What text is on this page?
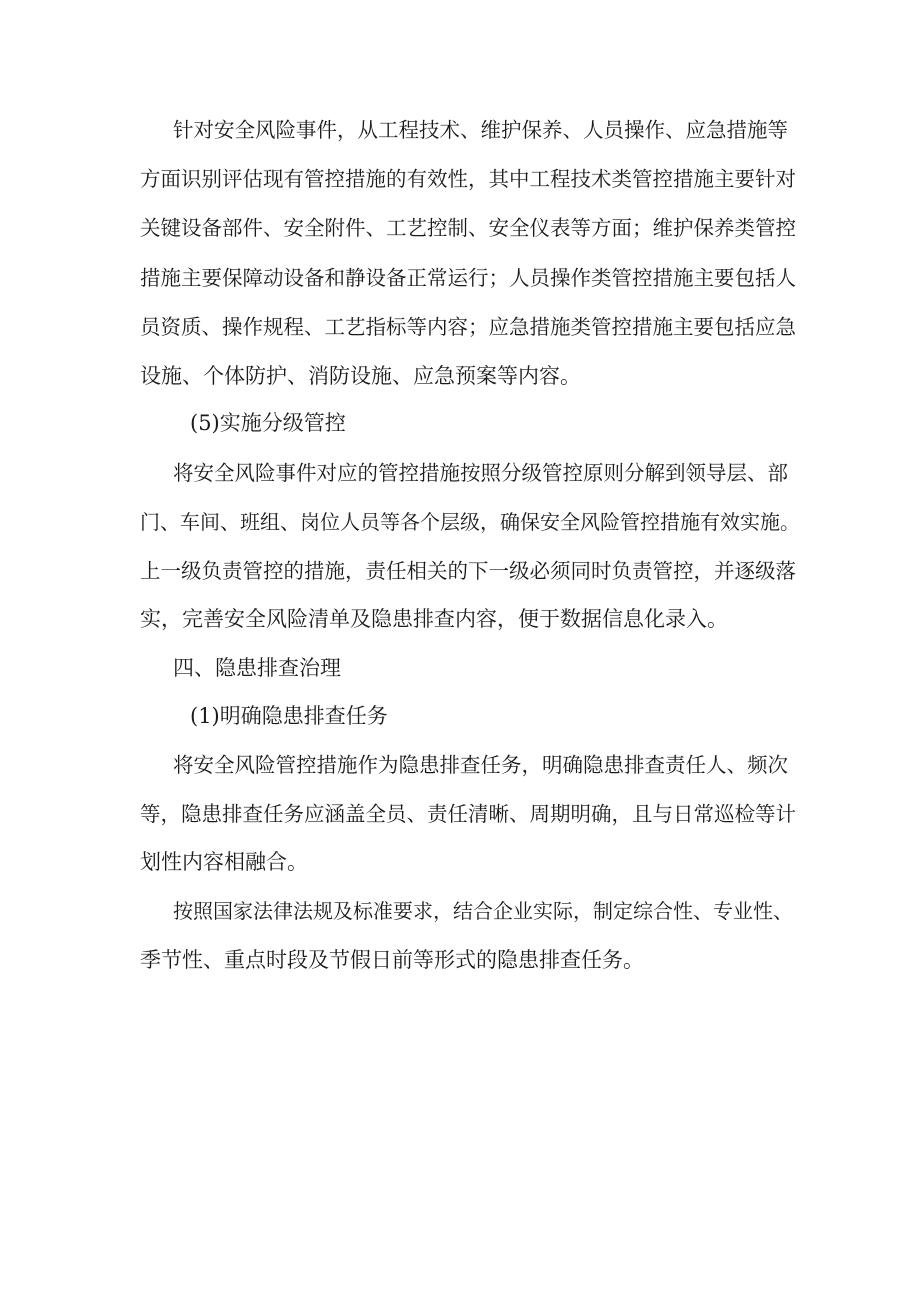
针对安全风险事件，从工程技术、维护保养、人员操作、应急措施等

方面识别评估现有管控措施的有效性，其中工程技术类管控措施主要针对

关键设备部件、安全附件、工艺控制、安全仪表等方面；维护保养类管控

措施主要保障动设备和静设备正常运行；人员操作类管控措施主要包括人

员资质、操作规程、工艺指标等内容；应急措施类管控措施主要包括应急

设施、个体防护、消防设施、应急预案等内容。

(5)实施分级管控

将安全风险事件对应的管控措施按照分级管控原则分解到领导层、部

门、车间、班组、岗位人员等各个层级，确保安全风险管控措施有效实施。

上一级负责管控的措施，责任相关的下一级必须同时负责管控，并逐级落

实，完善安全风险清单及隐患排查内容，便于数据信息化录入。

四、隐患排查治理

(1)明确隐患排查任务

将安全风险管控措施作为隐患排查任务，明确隐患排查责任人、频次

等，隐患排查任务应涵盖全员、责任清晰、周期明确，且与日常巡检等计

划性内容相融合。

按照国家法律法规及标准要求，结合企业实际，制定综合性、专业性、

季节性、重点时段及节假日前等形式的隐患排查任务。
